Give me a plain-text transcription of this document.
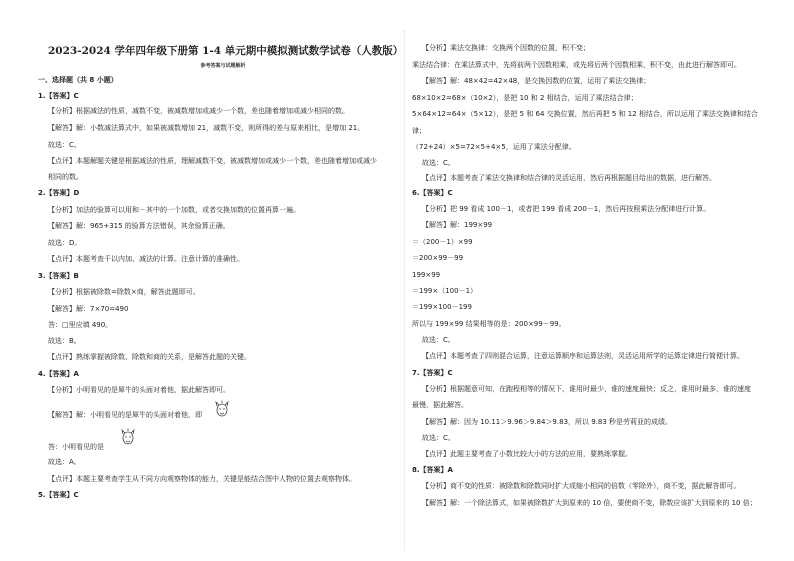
2023-2024 学年四年级下册第 1-4 单元期中模拟测试数学试卷（人教版）
参考答案与试题解析
一、选择题（共 8 小题）
1.【答案】C
【分析】根据减法的性质，减数不变，被减数增加或减少一个数，差也随着增加或减少相同的数。
【解答】解：小数减法算式中，如果被减数增加 21，减数不变，则所得的差与原来相比，是增加 21。
故选：C。
【点评】本题解题关键是根据减法的性质，理解减数不变，被减数增加或减少一个数，差也随着增加或减少
相同的数。
2.【答案】D
【分析】加法的验算可以用和－其中的一个加数，或者交换加数的位置再算一遍。
【解答】解：965+315 的验算方法错误，其余验算正确。
故选：D。
【点评】本题考查千以内加、减法的计算。注意计算的准确性。
3.【答案】B
【分析】根据被除数=除数×商，解答此题即可。
【解答】解：7×70=490
答：□里应填 490。
故选：B。
【点评】熟练掌握被除数、除数和商的关系，是解答此题的关键。
4.【答案】A
【分析】小明看见的是犀牛的头面对着他，据此解答即可。
【解答】解：小明看见的是犀牛的头面对着他，即
答：小明看见的是
故选：A。
【点评】本题主要考查学生从不同方向观察物体的能力，关键是能结合图中人物的位置去观察物体。
5.【答案】C
【分析】乘法交换律：交换两个因数的位置，积不变；
乘法结合律：在乘法算式中，先将前两个因数相乘，或先将后两个因数相乘，积不变，由此进行解答即可。
【解答】解：48×42=42×48，是交换因数的位置，运用了乘法交换律；
68×10×2=68×（10×2），是把 10 和 2 相结合，运用了乘法结合律；
5×64×12=64×（5×12），是把 5 和 64 交换位置，然后再把 5 和 12 相结合，所以运用了乘法交换律和结合
律；
（72+24）×5=72×5+4×5，运用了乘法分配律。
故选：C。
【点评】本题考查了乘法交换律和结合律的灵活运用，然后再根据题目给出的数据，进行解答。
6.【答案】C
【分析】把 99 看成 100－1，或者把 199 看成 200－1，然后再按照乘法分配律进行计算。
【解答】解：199×99
＝（200－1）×99
＝200×99－99
199×99
＝199×（100－1）
＝199×100－199
所以与 199×99 结果相等的是：200×99－99。
故选：C。
【点评】本题考查了四则混合运算，注意运算顺序和运算法则，灵活运用所学的运算定律进行简便计算。
7.【答案】C
【分析】根据题意可知，在跑程相等的情况下，谁用时最少，谁的速度最快；反之，谁用时最多，谁的速度
最慢，据此解答。
【解答】解：因为 10.11＞9.96＞9.84＞9.83，所以 9.83 秒是劳莉亚的成绩。
故选：C。
【点评】此题主要考查了小数比较大小的方法的应用，要熟练掌握。
8.【答案】A
【分析】商不变的性质：被除数和除数同时扩大或缩小相同的倍数（零除外），商不变，据此解答即可。
【解答】解：一个除法算式，如果被除数扩大到原来的 10 倍，要使商不变，除数应该扩大到原来的 10 倍；
